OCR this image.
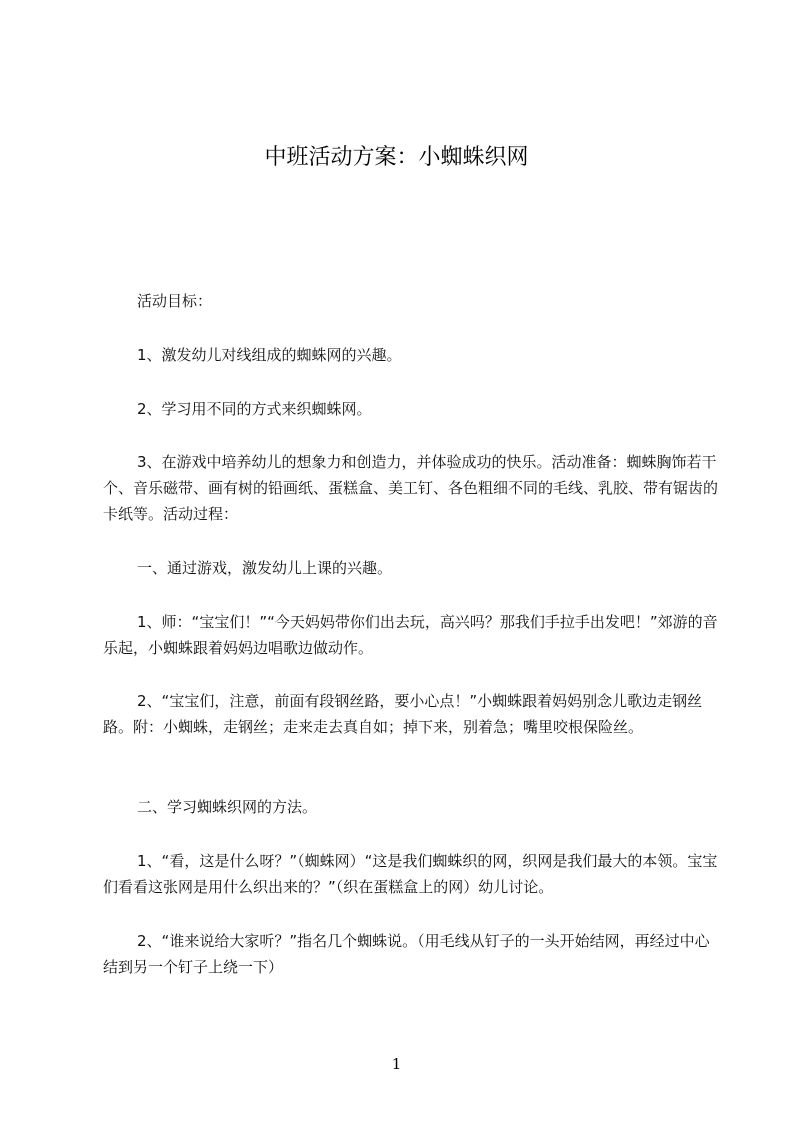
中班活动方案：小蜘蛛织网

活动目标：

1、激发幼儿对线组成的蜘蛛网的兴趣。

2、学习用不同的方式来织蜘蛛网。

3、在游戏中培养幼儿的想象力和创造力，并体验成功的快乐。活动准备：蜘蛛胸饰若干个、音乐磁带、画有树的铅画纸、蛋糕盒、美工钉、各色粗细不同的毛线、乳胶、带有锯齿的卡纸等。活动过程：

一、通过游戏，激发幼儿上课的兴趣。

1、师：“宝宝们！”“今天妈妈带你们出去玩，高兴吗？那我们手拉手出发吧！”郊游的音乐起，小蜘蛛跟着妈妈边唱歌边做动作。

2、“宝宝们，注意，前面有段钢丝路，要小心点！”小蜘蛛跟着妈妈别念儿歌边走钢丝路。附：小蜘蛛，走钢丝；走来走去真自如；掉下来，别着急；嘴里咬根保险丝。

二、学习蜘蛛织网的方法。

1、“看，这是什么呀？”（蜘蛛网）“这是我们蜘蛛织的网，织网是我们最大的本领。宝宝们看看这张网是用什么织出来的？”（织在蛋糕盒上的网）幼儿讨论。

2、“谁来说给大家听？”指名几个蜘蛛说。（用毛线从钉子的一头开始结网，再经过中心结到另一个钉子上绕一下）

1
